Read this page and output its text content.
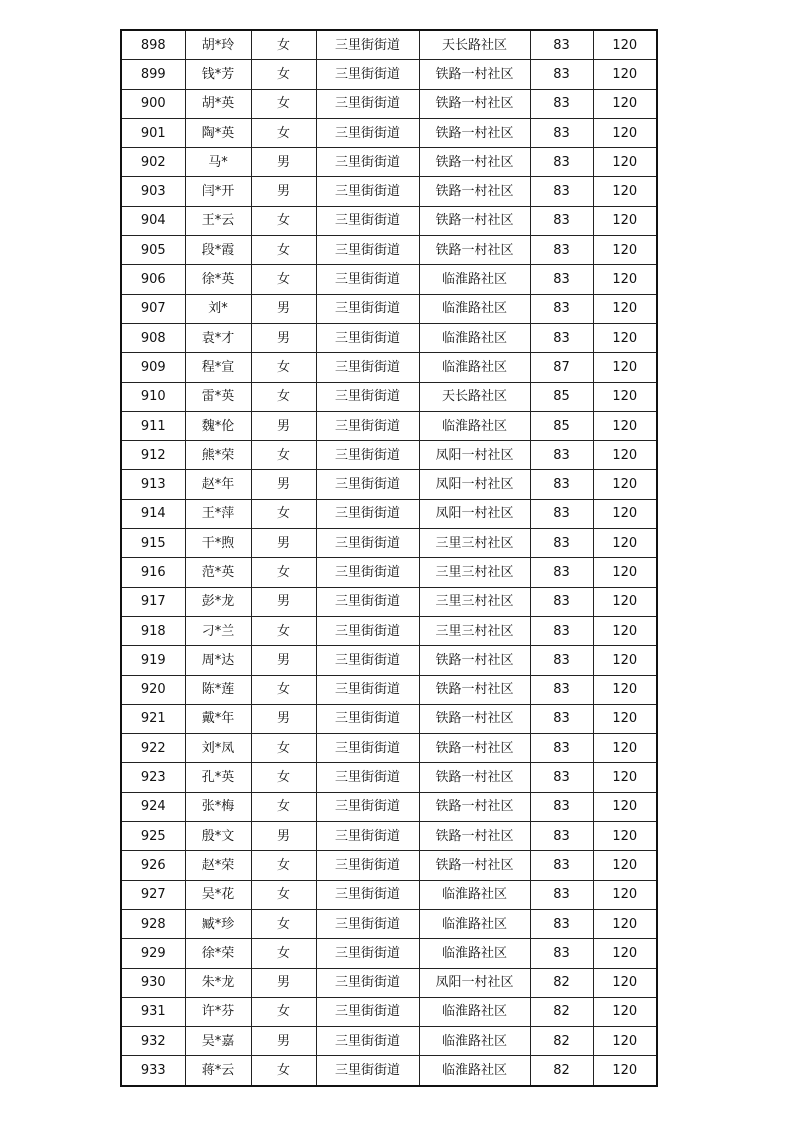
898	胡*玲	女	三里街街道	天长路社区	83	120
899	钱*芳	女	三里街街道	铁路一村社区	83	120
900	胡*英	女	三里街街道	铁路一村社区	83	120
901	陶*英	女	三里街街道	铁路一村社区	83	120
902	马*	男	三里街街道	铁路一村社区	83	120
903	闫*开	男	三里街街道	铁路一村社区	83	120
904	王*云	女	三里街街道	铁路一村社区	83	120
905	段*霞	女	三里街街道	铁路一村社区	83	120
906	徐*英	女	三里街街道	临淮路社区	83	120
907	刘*	男	三里街街道	临淮路社区	83	120
908	袁*才	男	三里街街道	临淮路社区	83	120
909	程*宣	女	三里街街道	临淮路社区	87	120
910	雷*英	女	三里街街道	天长路社区	85	120
911	魏*伦	男	三里街街道	临淮路社区	85	120
912	熊*荣	女	三里街街道	凤阳一村社区	83	120
913	赵*年	男	三里街街道	凤阳一村社区	83	120
914	王*萍	女	三里街街道	凤阳一村社区	83	120
915	干*煦	男	三里街街道	三里三村社区	83	120
916	范*英	女	三里街街道	三里三村社区	83	120
917	彭*龙	男	三里街街道	三里三村社区	83	120
918	刁*兰	女	三里街街道	三里三村社区	83	120
919	周*达	男	三里街街道	铁路一村社区	83	120
920	陈*莲	女	三里街街道	铁路一村社区	83	120
921	戴*年	男	三里街街道	铁路一村社区	83	120
922	刘*凤	女	三里街街道	铁路一村社区	83	120
923	孔*英	女	三里街街道	铁路一村社区	83	120
924	张*梅	女	三里街街道	铁路一村社区	83	120
925	殷*文	男	三里街街道	铁路一村社区	83	120
926	赵*荣	女	三里街街道	铁路一村社区	83	120
927	吴*花	女	三里街街道	临淮路社区	83	120
928	臧*珍	女	三里街街道	临淮路社区	83	120
929	徐*荣	女	三里街街道	临淮路社区	83	120
930	朱*龙	男	三里街街道	凤阳一村社区	82	120
931	许*芬	女	三里街街道	临淮路社区	82	120
932	吴*嘉	男	三里街街道	临淮路社区	82	120
933	蒋*云	女	三里街街道	临淮路社区	82	120
